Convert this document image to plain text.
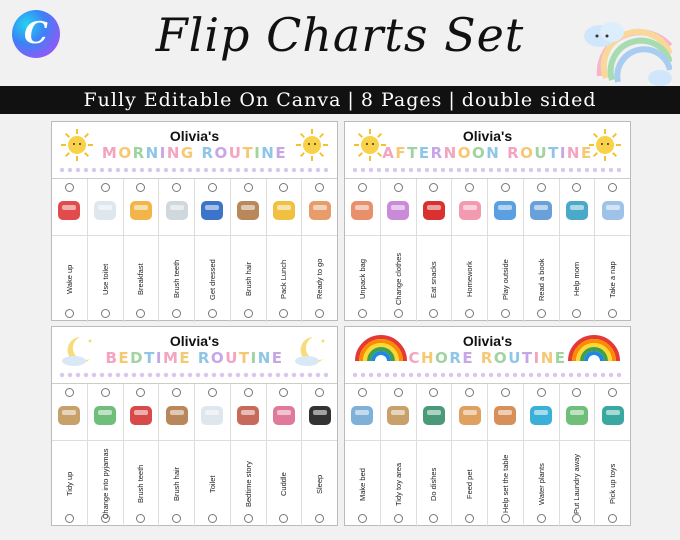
C	Flip Charts Set
Fully Editable On Canva | 8 Pages | double sided
Olivia's
MORNING ROUTINE
Wake up	Use toilet	Breakfast	Brush teeth	Get dressed	Brush hair	Pack Lunch	Ready to go
Olivia's
AFTERNOON ROUTINE
Unpack bag	Change clothes	Eat snacks	Homework	Play outside	Read a book	Help mom	Take a nap
Olivia's
BEDTIME ROUTINE
Tidy up	Change into pyjamas	Brush teeth	Brush hair	Toilet	Bedtime story	Cuddle	Sleep
Olivia's
CHORE ROUTINE
Make bed	Tidy toy area	Do dishes	Feed pet	Help set the table	Water plants	Put Laundry away	Pick up toys
